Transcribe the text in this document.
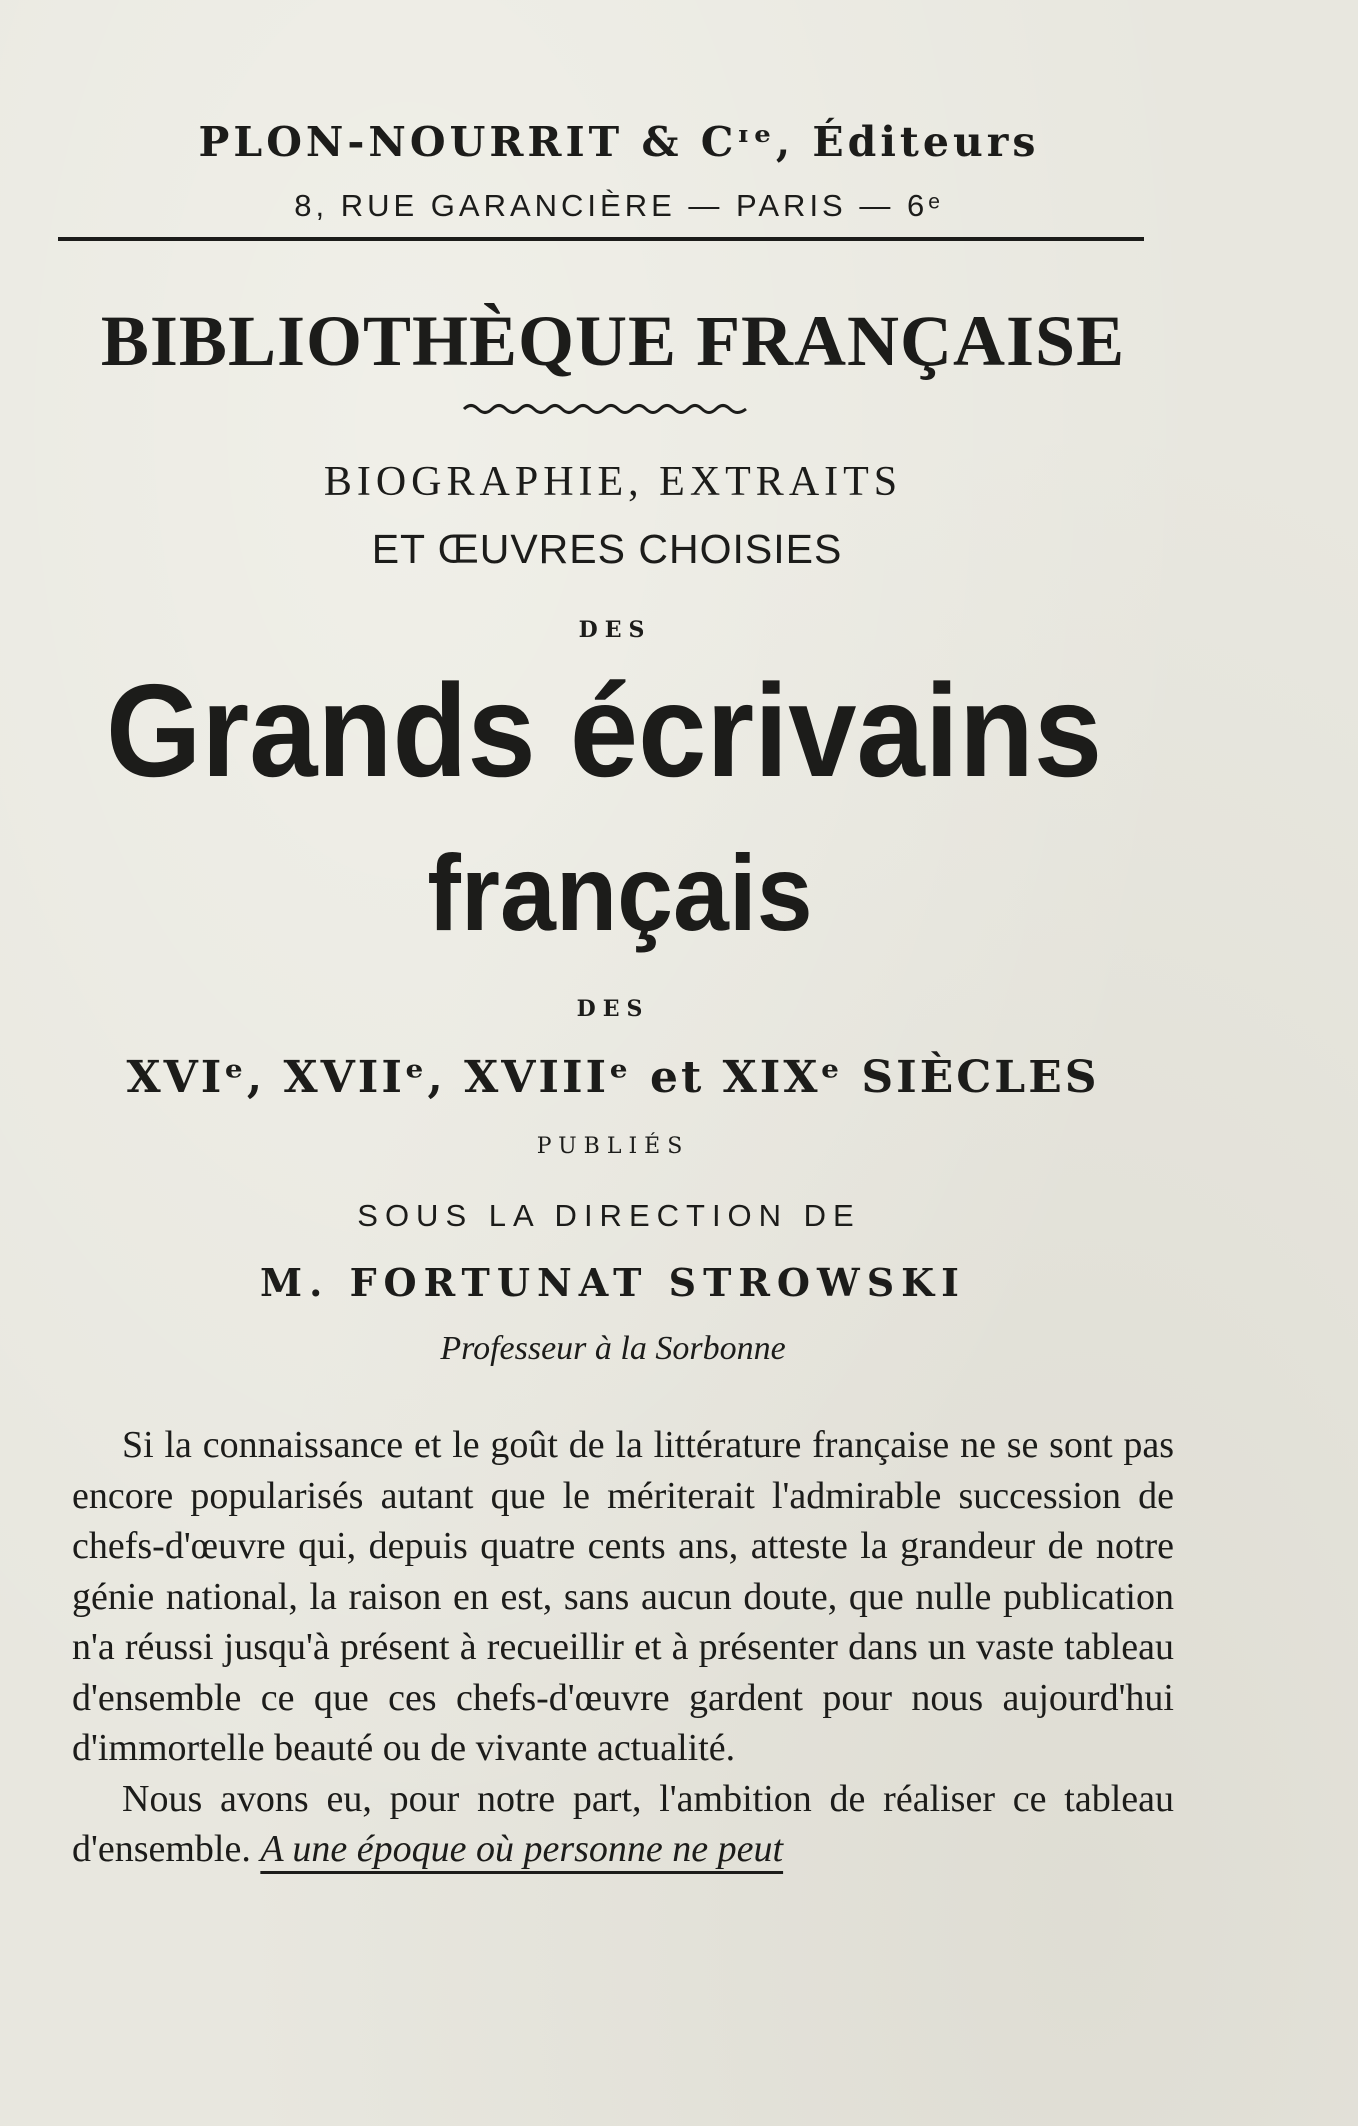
PLON-NOURRIT & Cᶦᵉ, Éditeurs
8, RUE GARANCIÈRE — PARIS — 6ᵉ
BIBLIOTHÈQUE FRANÇAISE
BIOGRAPHIE, EXTRAITS
ET ŒUVRES CHOISIES
DES
Grands écrivains
français
DES
XVIᵉ, XVIIᵉ, XVIIIᵉ et XIXᵉ SIÈCLES
PUBLIÉS
SOUS LA DIRECTION DE
M. FORTUNAT STROWSKI
Professeur à la Sorbonne

Si la connaissance et le goût de la littérature française ne se sont pas encore popularisés autant que le mériterait l'admirable succession de chefs-d'œuvre qui, depuis quatre cents ans, atteste la grandeur de notre génie national, la raison en est, sans aucun doute, que nulle publication n'a réussi jusqu'à présent à recueillir et à présenter dans un vaste tableau d'ensemble ce que ces chefs-d'œuvre gardent pour nous aujourd'hui d'immortelle beauté ou de vivante actualité.

Nous avons eu, pour notre part, l'ambition de réaliser ce tableau d'ensemble. A une époque où personne ne peut
